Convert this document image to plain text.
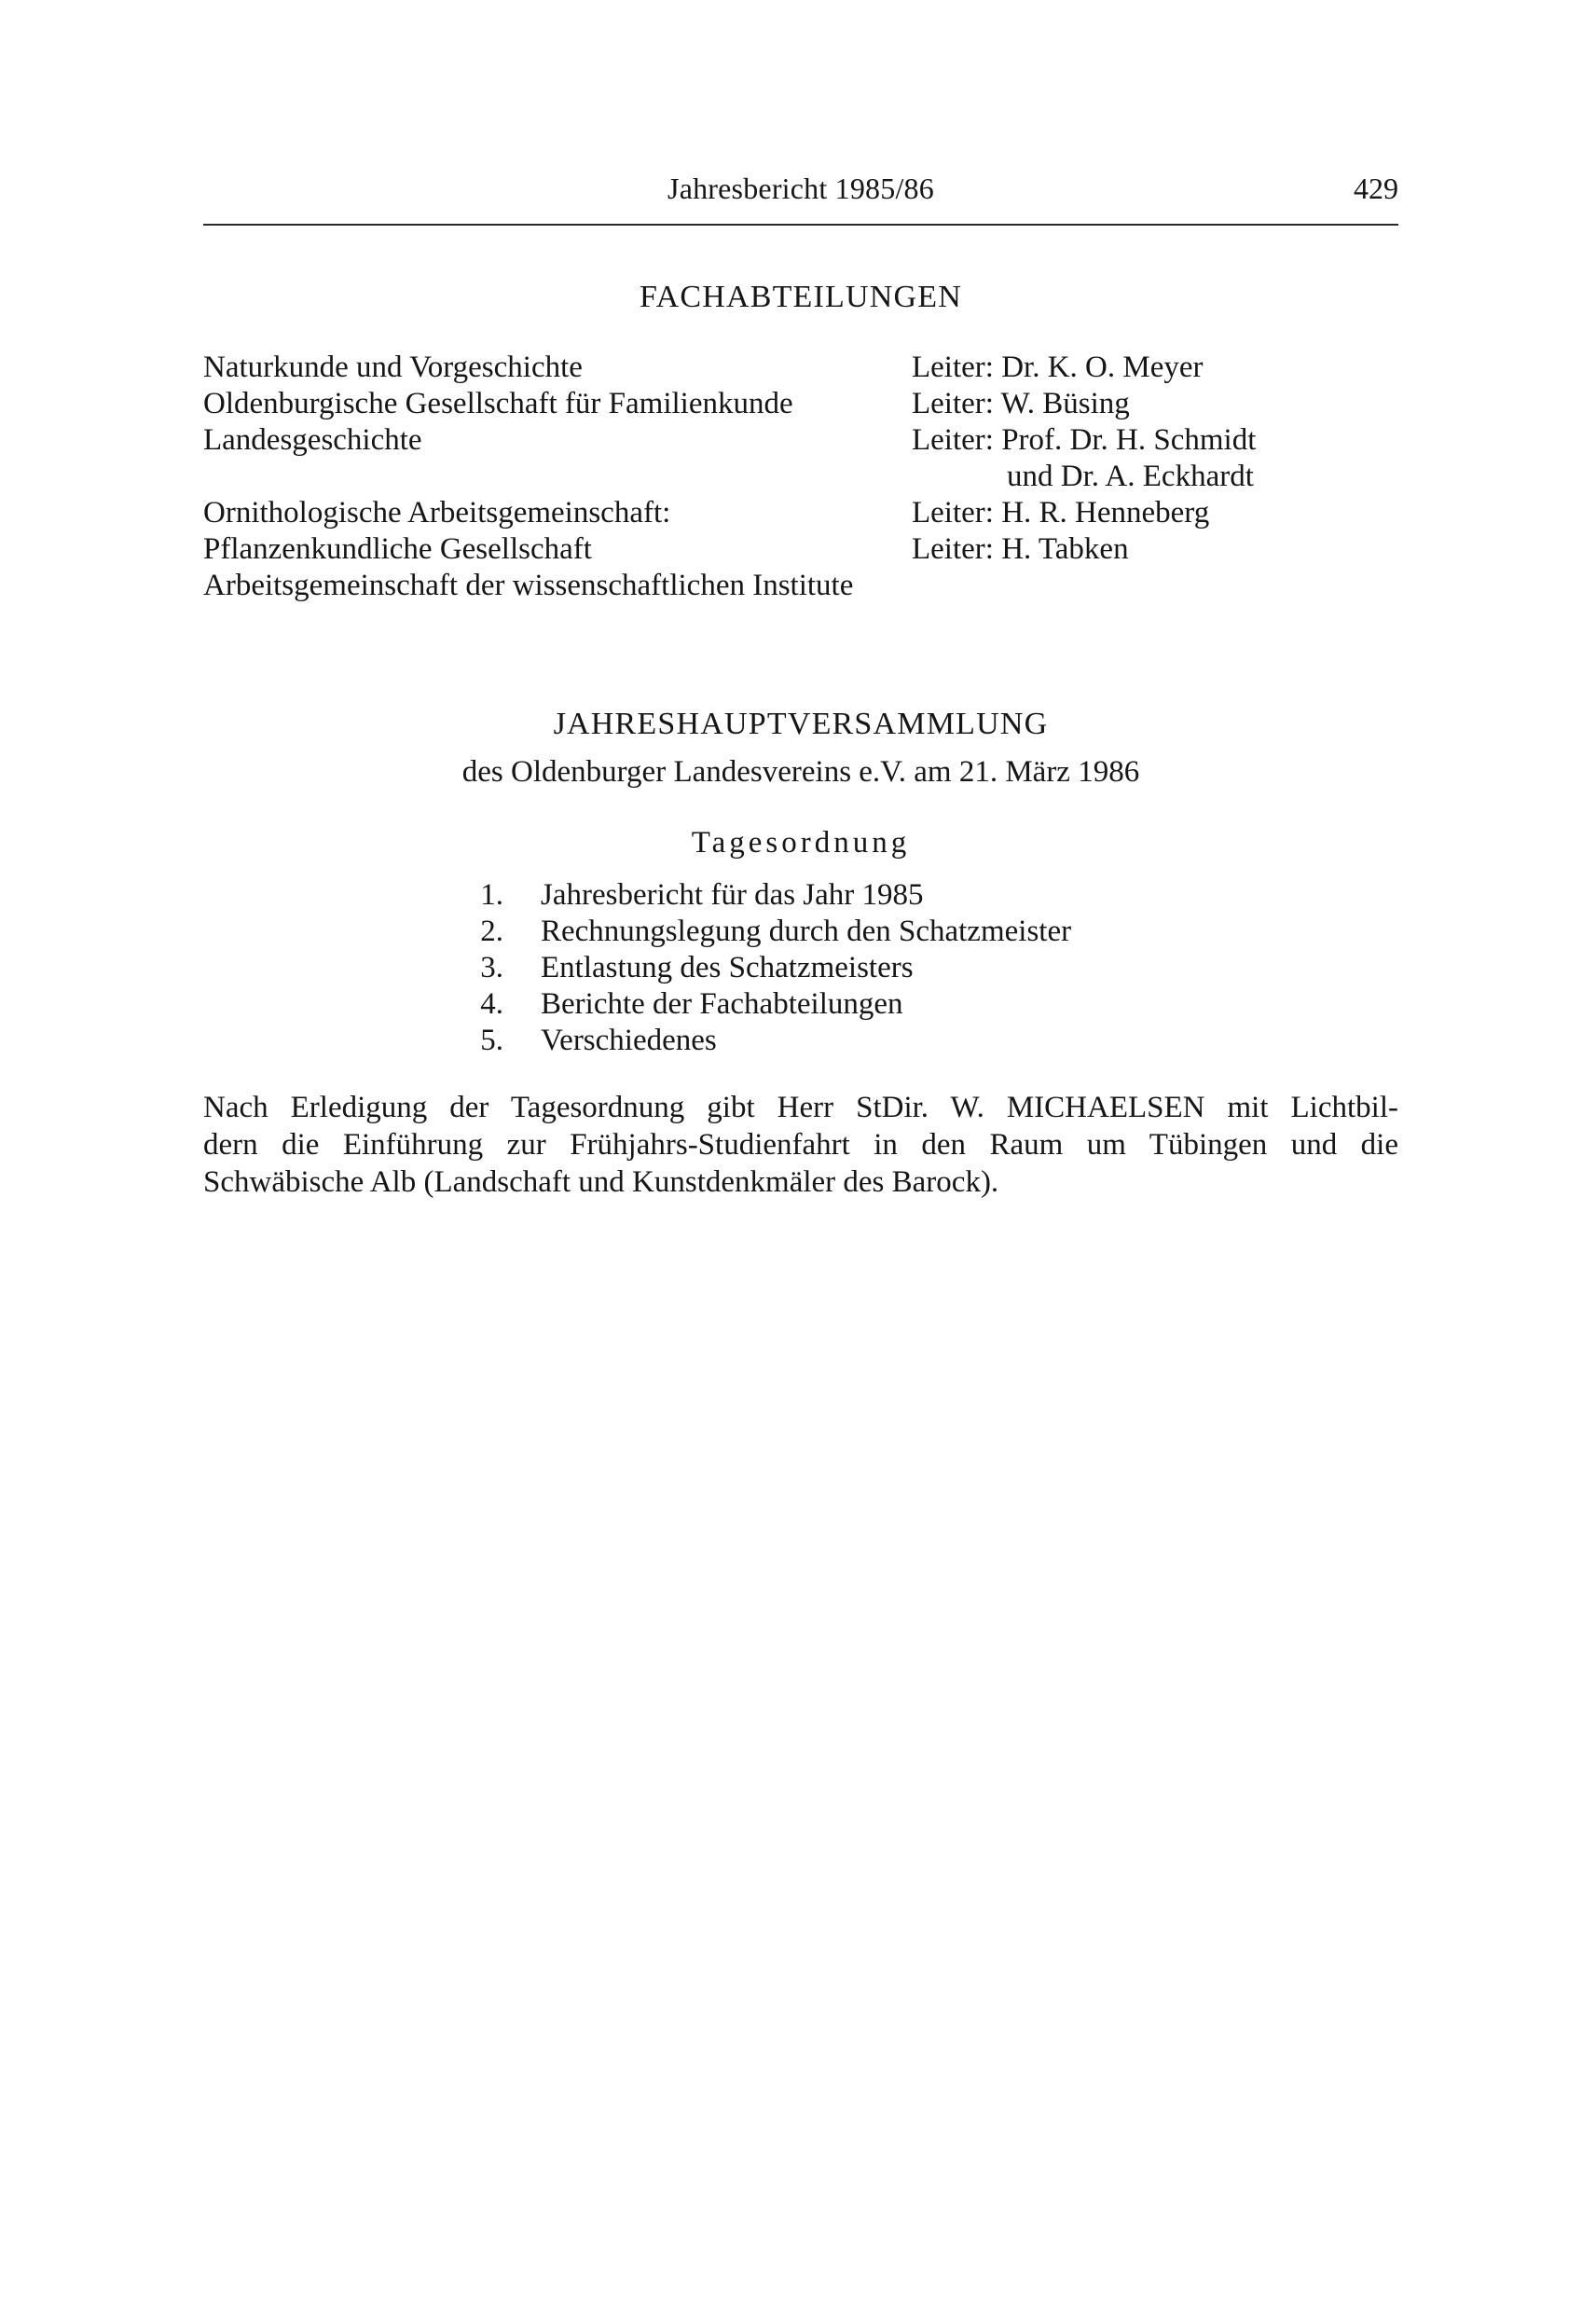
Jahresbericht 1985/86	429
FACHABTEILUNGEN
Naturkunde und Vorgeschichte	Leiter: Dr. K. O. Meyer
Oldenburgische Gesellschaft für Familienkunde	Leiter: W. Büsing
Landesgeschichte	Leiter: Prof. Dr. H. Schmidt
und Dr. A. Eckhardt
Ornithologische Arbeitsgemeinschaft:	Leiter: H. R. Henneberg
Pflanzenkundliche Gesellschaft	Leiter: H. Tabken
Arbeitsgemeinschaft der wissenschaftlichen Institute
JAHRESHAUPTVERSAMMLUNG
des Oldenburger Landesvereins e.V. am 21. März 1986
Tagesordnung
1. Jahresbericht für das Jahr 1985
2. Rechnungslegung durch den Schatzmeister
3. Entlastung des Schatzmeisters
4. Berichte der Fachabteilungen
5. Verschiedenes
Nach Erledigung der Tagesordnung gibt Herr StDir. W. MICHAELSEN mit Lichtbil-
dern die Einführung zur Frühjahrs-Studienfahrt in den Raum um Tübingen und die
Schwäbische Alb (Landschaft und Kunstdenkmäler des Barock).
